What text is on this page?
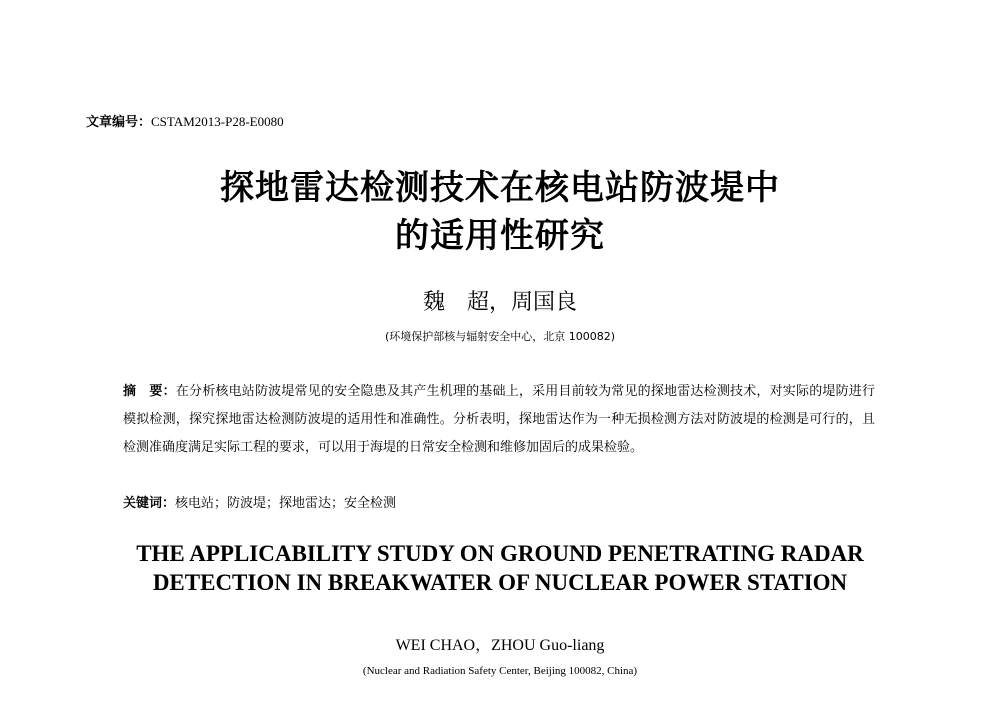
文章编号：CSTAM2013-P28-E0080
探地雷达检测技术在核电站防波堤中
的适用性研究
魏　超，周国良
(环境保护部核与辐射安全中心，北京 100082)
摘　要：在分析核电站防波堤常见的安全隐患及其产生机理的基础上，采用目前较为常见的探地雷达检测技术，对实际的堤防进行模拟检测，探究探地雷达检测防波堤的适用性和准确性。分析表明，探地雷达作为一种无损检测方法对防波堤的检测是可行的，且检测准确度满足实际工程的要求，可以用于海堤的日常安全检测和维修加固后的成果检验。
关键词：核电站；防波堤；探地雷达；安全检测
THE APPLICABILITY STUDY ON GROUND PENETRATING RADAR
DETECTION IN BREAKWATER OF NUCLEAR POWER STATION
WEI CHAO，ZHOU Guo-liang
(Nuclear and Radiation Safety Center, Beijing 100082, China)
